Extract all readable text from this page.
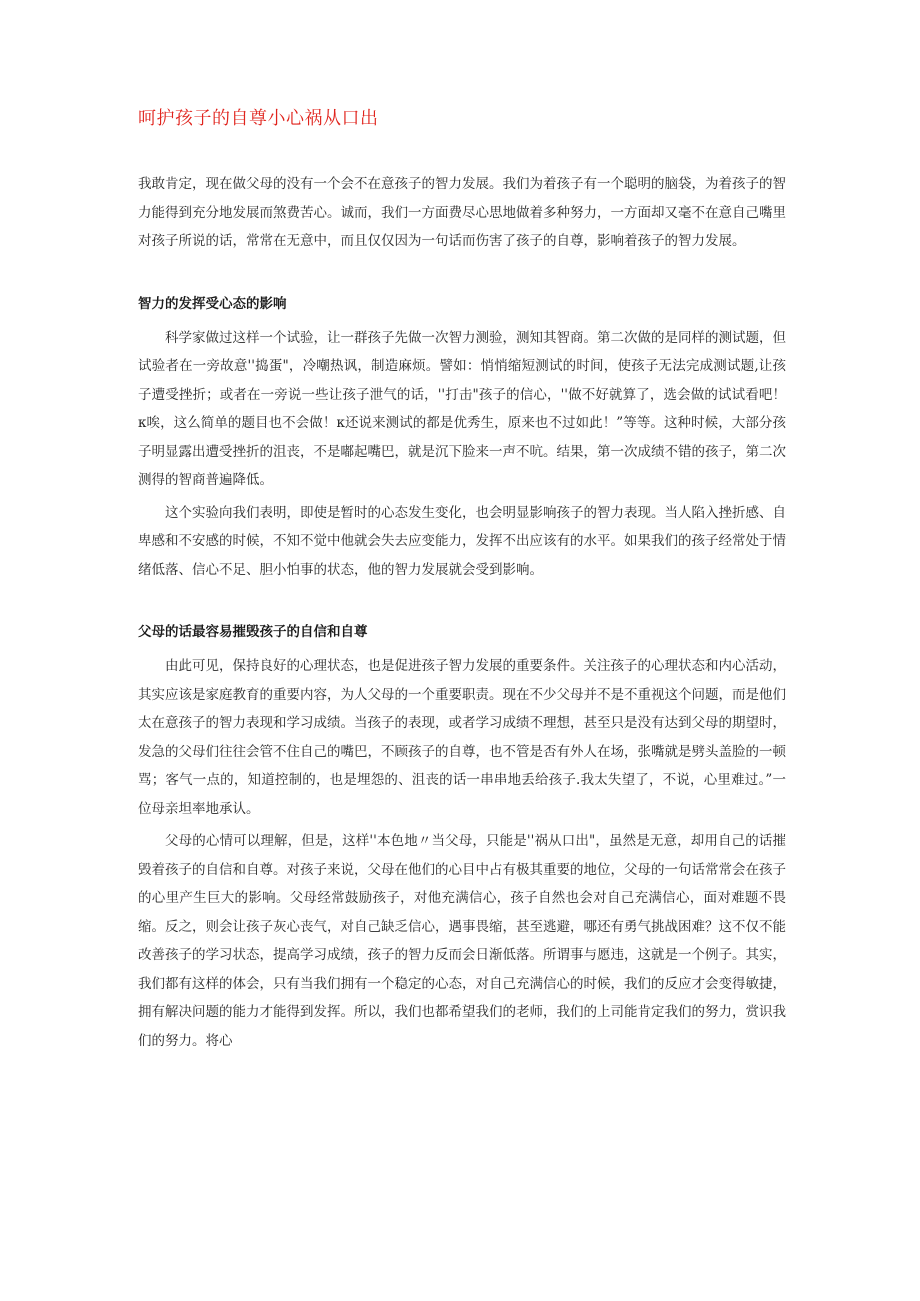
呵护孩子的自尊小心祸从口出

我敢肯定，现在做父母的没有一个会不在意孩子的智力发展。我们为着孩子有一个聪明的脑袋，为着孩子的智力能得到充分地发展而煞费苦心。诚而，我们一方面费尽心思地做着多种努力，一方面却又毫不在意自己嘴里对孩子所说的话，常常在无意中，而且仅仅因为一句话而伤害了孩子的自尊，影响着孩子的智力发展。

智力的发挥受心态的影响

科学家做过这样一个试验，让一群孩子先做一次智力测验，测知其智商。第二次做的是同样的测试题，但试验者在一旁故意''捣蛋"，冷嘲热讽，制造麻烦。譬如：悄悄缩短测试的时间，使孩子无法完成测试题,让孩子遭受挫折；或者在一旁说一些让孩子泄气的话，''打击"孩子的信心，''做不好就算了，选会做的试试看吧！κ唉，这么简单的题目也不会做！κ还说来测试的都是优秀生，原来也不过如此！”等等。这种时候，大部分孩子明显露出遭受挫折的沮丧，不是嘟起嘴巴，就是沉下脸来一声不吭。结果，第一次成绩不错的孩子，第二次测得的智商普遍降低。

这个实验向我们表明，即使是暂时的心态发生变化，也会明显影响孩子的智力表现。当人陷入挫折感、自卑感和不安感的时候，不知不觉中他就会失去应变能力，发挥不出应该有的水平。如果我们的孩子经常处于情绪低落、信心不足、胆小怕事的状态，他的智力发展就会受到影响。

父母的话最容易摧毁孩子的自信和自尊

由此可见，保持良好的心理状态，也是促进孩子智力发展的重要条件。关注孩子的心理状态和内心活动，其实应该是家庭教育的重要内容，为人父母的一个重要职责。现在不少父母并不是不重视这个问题，而是他们太在意孩子的智力表现和学习成绩。当孩子的表现，或者学习成绩不理想，甚至只是没有达到父母的期望时，发急的父母们往往会管不住自己的嘴巴，不顾孩子的自尊，也不管是否有外人在场，张嘴就是劈头盖脸的一顿骂；客气一点的，知道控制的，也是埋怨的、沮丧的话一串串地丢给孩子.我太失望了，不说，心里难过。”一位母亲坦率地承认。

父母的心情可以理解，但是，这样''本色地〃当父母，只能是''祸从口出"，虽然是无意，却用自己的话摧毁着孩子的自信和自尊。对孩子来说，父母在他们的心目中占有极其重要的地位，父母的一句话常常会在孩子的心里产生巨大的影响。父母经常鼓励孩子，对他充满信心，孩子自然也会对自己充满信心，面对难题不畏缩。反之，则会让孩子灰心丧气，对自己缺乏信心，遇事畏缩，甚至逃避，哪还有勇气挑战困难？这不仅不能改善孩子的学习状态，提高学习成绩，孩子的智力反而会日渐低落。所谓事与愿违，这就是一个例子。其实，我们都有这样的体会，只有当我们拥有一个稳定的心态，对自己充满信心的时候，我们的反应才会变得敏捷，拥有解决问题的能力才能得到发挥。所以，我们也都希望我们的老师，我们的上司能肯定我们的努力，赏识我们的努力。将心
